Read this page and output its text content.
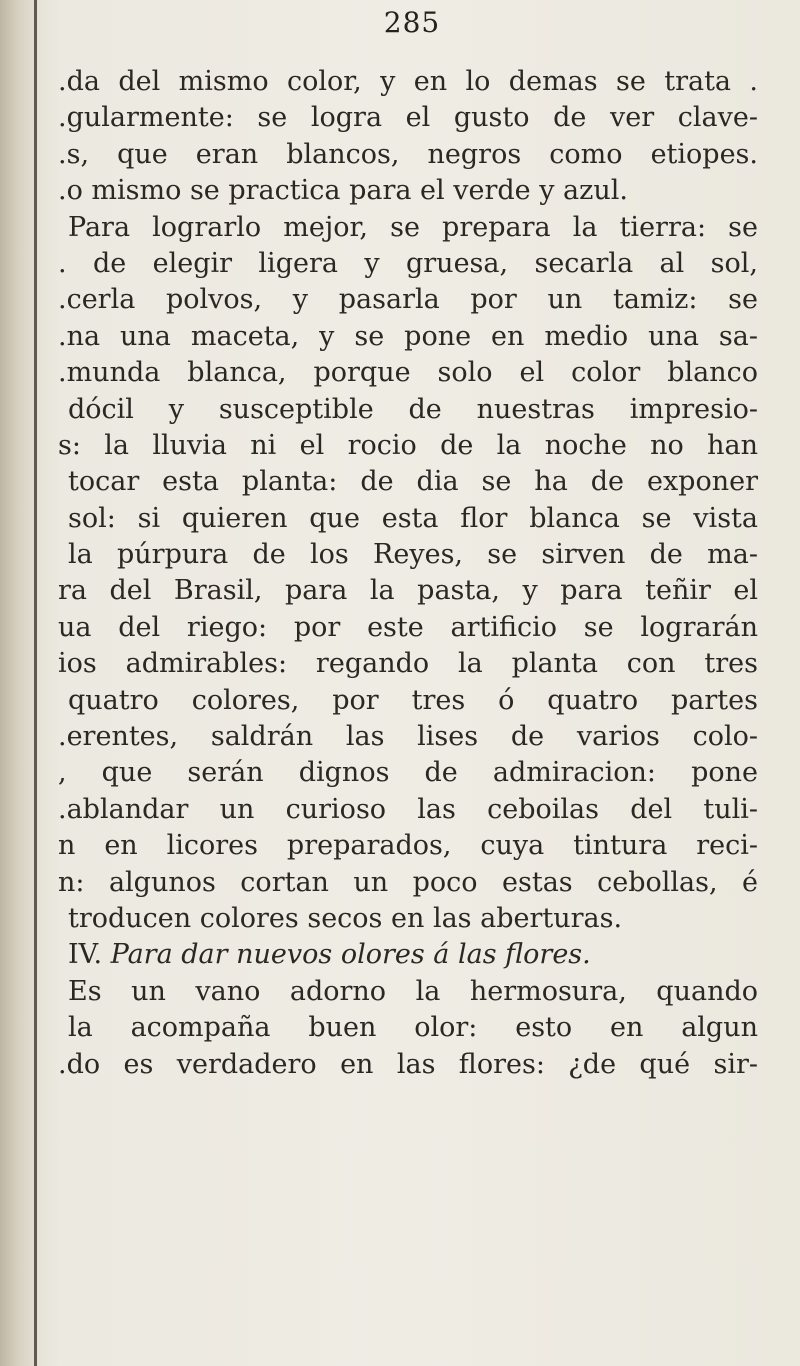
285
.da del mismo color, y en lo demas se trata .
.gularmente: se logra el gusto de ver clave-
.s, que eran blancos, negros como etiopes.
.o mismo se practica para el verde y azul.
Para lograrlo mejor, se prepara la tierra: se
. de elegir ligera y gruesa, secarla al sol,
.cerla polvos, y pasarla por un tamiz: se
.na una maceta, y se pone en medio una sa-
.munda blanca, porque solo el color blanco
dócil y susceptible de nuestras impresio-
s: la lluvia ni el rocio de la noche no han
tocar esta planta: de dia se ha de exponer
sol: si quieren que esta flor blanca se vista
la púrpura de los Reyes, se sirven de ma-
ra del Brasil, para la pasta, y para teñir el
ua del riego: por este artificio se lograrán
ios admirables: regando la planta con tres
quatro colores, por tres ó quatro partes
.erentes, saldrán las lises de varios colo-
, que serán dignos de admiracion: pone
.ablandar un curioso las ceboilas del tuli-
n en licores preparados, cuya tintura reci-
n: algunos cortan un poco estas cebollas, é
troducen colores secos en las aberturas.
IV. Para dar nuevos olores á las flores.
Es un vano adorno la hermosura, quando
la acompaña buen olor: esto en algun
.do es verdadero en las flores: ¿de qué sir-
